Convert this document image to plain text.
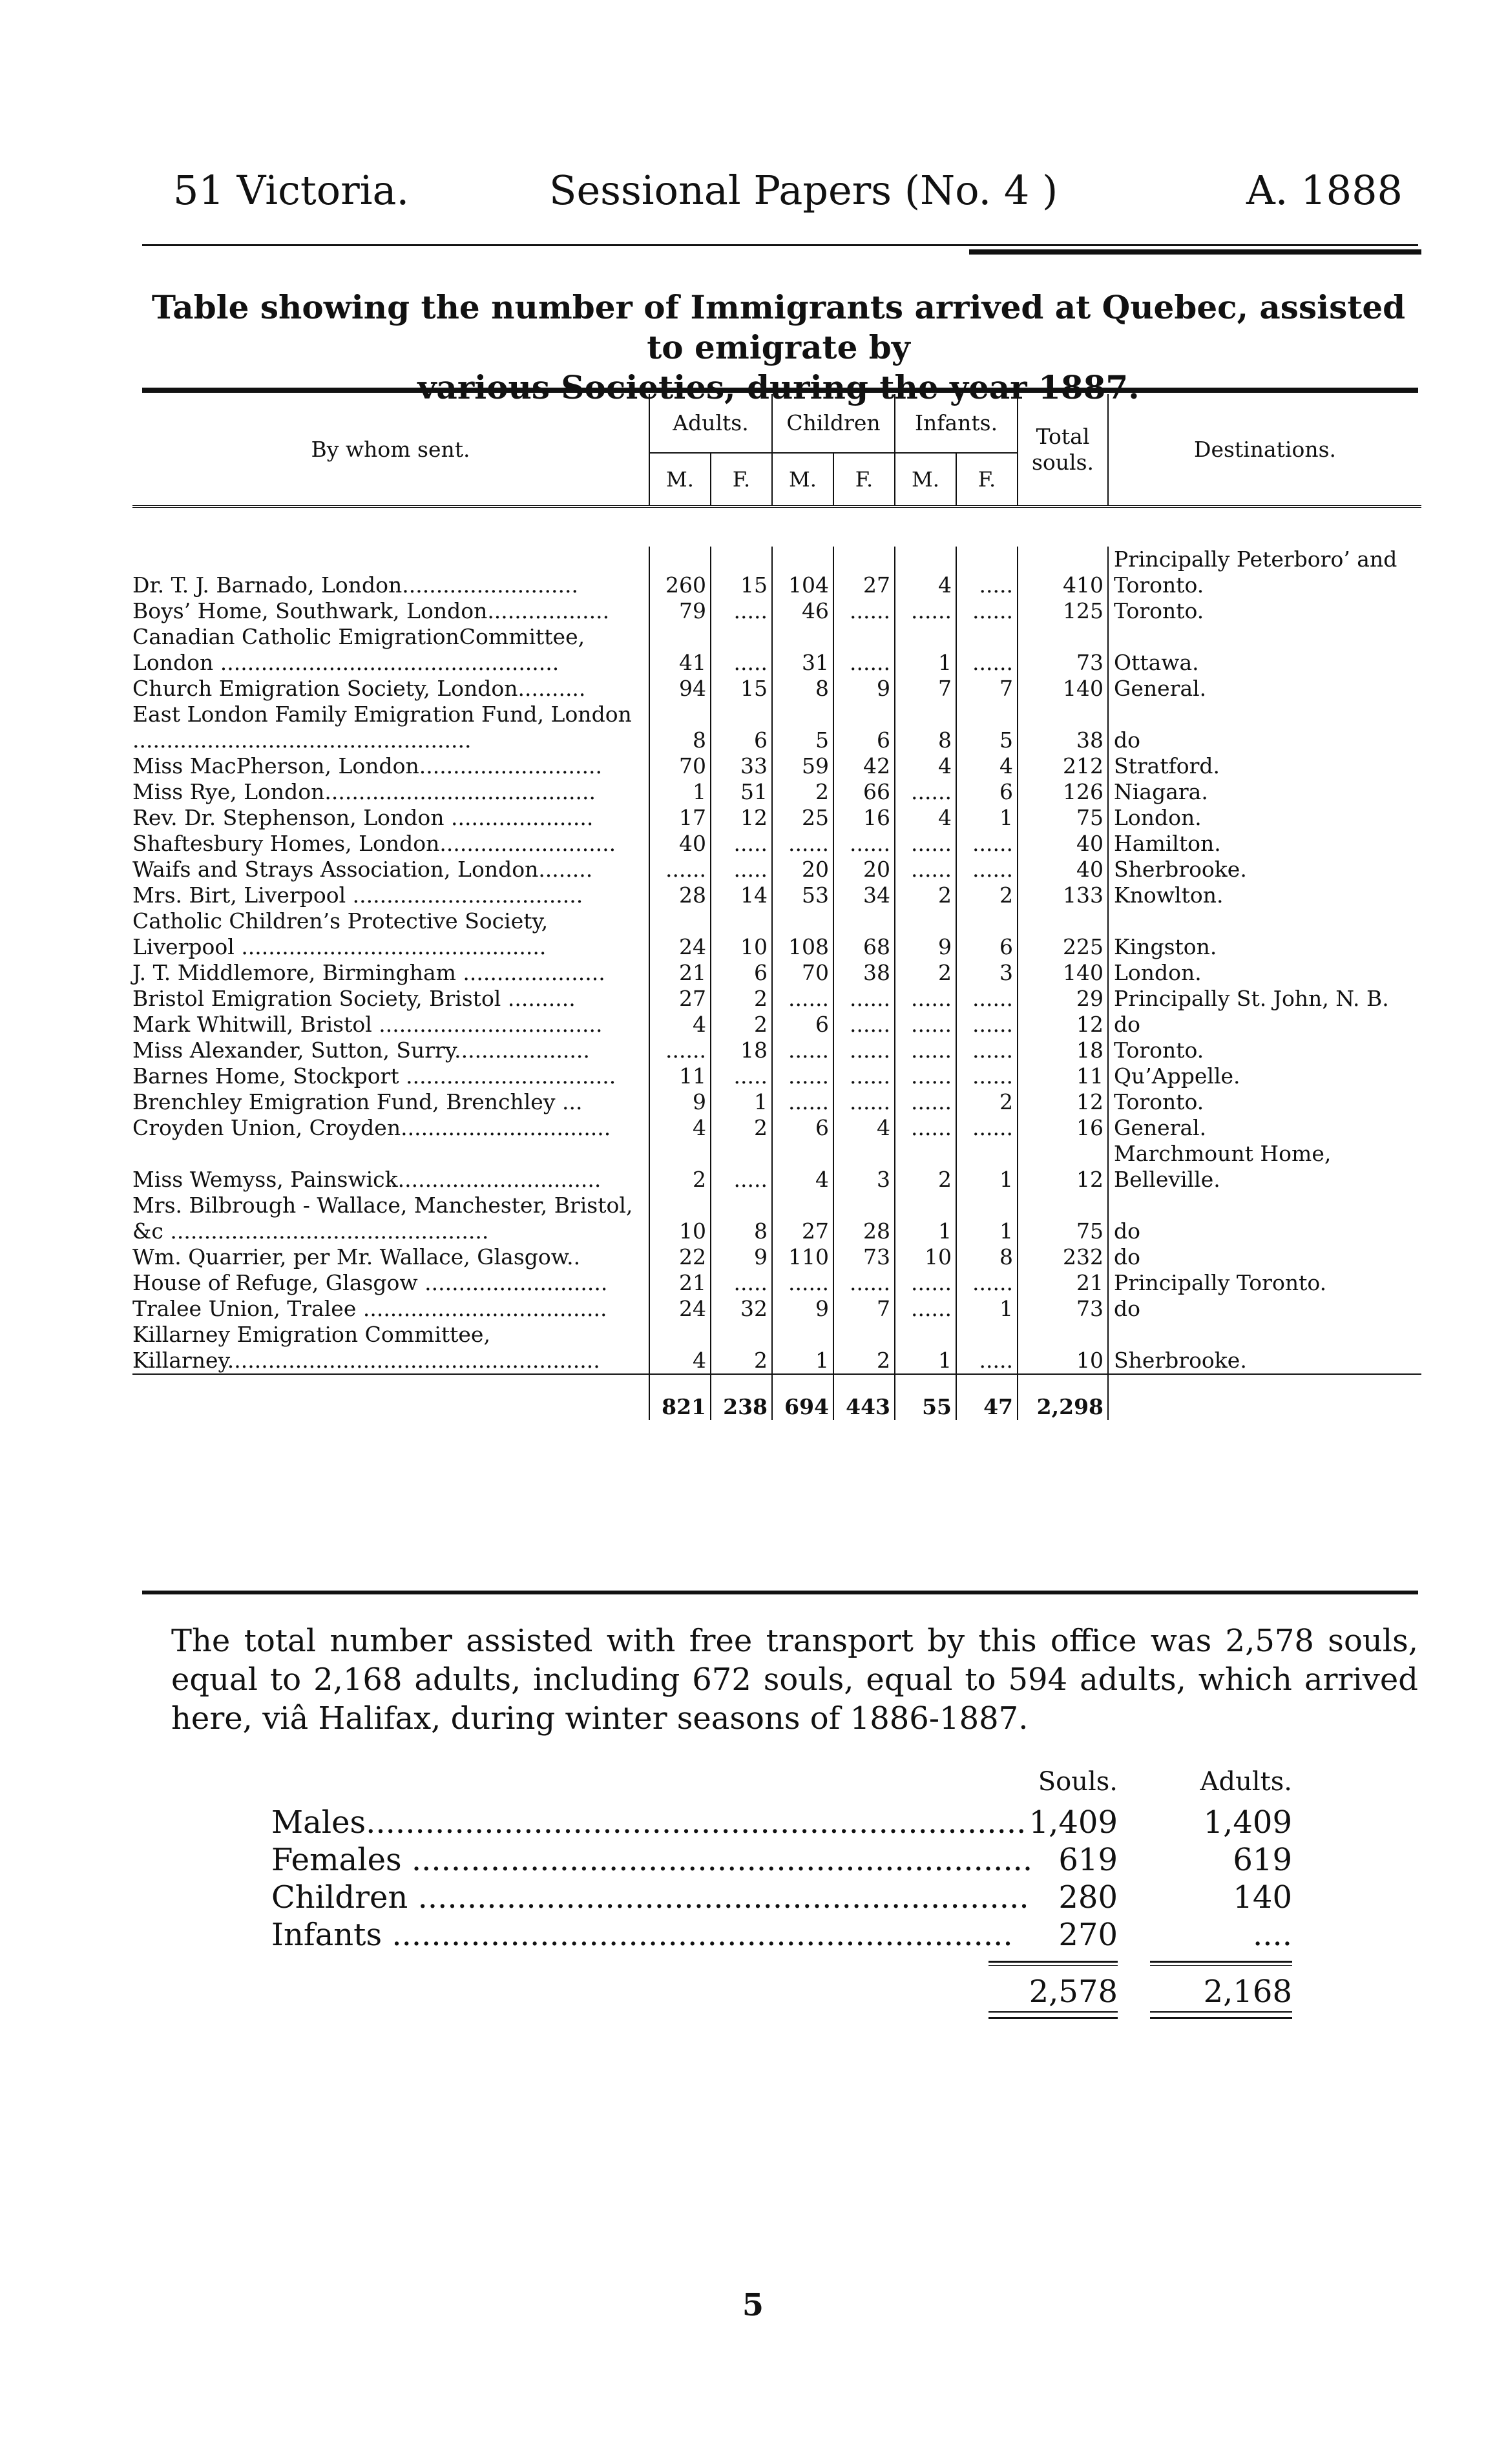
51 Victoria.	Sessional Papers (No. 4 )	A. 1888
Table showing the number of Immigrants arrived at Quebec, assisted to emigrate by
By whom sent.	Adults.		Children		Infants.		Total souls.	Destinations.
	M.	F.	M.	F.	M.	F.		

Dr. T. J. Barnado, London..........................	260	15	104	27	4	.....	410	Principally Peterboro’ and Toronto.
Boys’ Home, Southwark, London..................	79	.....	46	......	......	......	125	Toronto.
Canadian Catholic EmigrationCommittee, London ..................................................	41	.....	31	......	1	......	73	Ottawa.
Church Emigration Society, London..........	94	15	8	9	7	7	140	General.
East London Family Emigration Fund, London ..................................................	8	6	5	6	8	5	38	do
Miss MacPherson, London...........................	70	33	59	42	4	4	212	Stratford.
Miss Rye, London........................................	1	51	2	66	......	6	126	Niagara.
Rev. Dr. Stephenson, London .....................	17	12	25	16	4	1	75	London.
Shaftesbury Homes, London..........................	40	.....	......	......	......	......	40	Hamilton.
Waifs and Strays Association, London........	......	.....	20	20	......	......	40	Sherbrooke.
Mrs. Birt, Liverpool ..................................	28	14	53	34	2	2	133	Knowlton.
Catholic Children’s Protective Society, Liverpool .............................................	24	10	108	68	9	6	225	Kingston.
J. T. Middlemore, Birmingham .....................	21	6	70	38	2	3	140	London.
Bristol Emigration Society, Bristol ..........	27	2	......	......	......	......	29	Principally St. John, N. B.
Mark Whitwill, Bristol .................................	4	2	6	......	......	......	12	do
Miss Alexander, Sutton, Surry....................	......	18	......	......	......	......	18	Toronto.
Barnes Home, Stockport ...............................	11	.....	......	......	......	......	11	Qu’Appelle.
Brenchley Emigration Fund, Brenchley ...	9	1	......	......	......	2	12	Toronto.
Croyden Union, Croyden...............................	4	2	6	4	......	......	16	General.
Miss Wemyss, Painswick..............................	2	.....	4	3	2	1	12	Marchmount Home, Belleville.
Mrs. Bilbrough - Wallace, Manchester, Bristol, &c ...............................................	10	8	27	28	1	1	75	do
Wm. Quarrier, per Mr. Wallace, Glasgow..	22	9	110	73	10	8	232	do
House of Refuge, Glasgow ...........................	21	.....	......	......	......	......	21	Principally Toronto.
Tralee Union, Tralee ....................................	24	32	9	7	......	1	73	do
Killarney Emigration Committee, Killarney.......................................................	4	2	1	2	1	.....	10	Sherbrooke.
	821	238	694	443	55	47	2,298	
The total number assisted with free transport by this office was 2,578 souls, equal to 2,168 adults, including 672 souls, equal to 594 adults, which arrived here, viâ Halifax, during winter seasons of 1886-1887.
Souls.	Adults.
Males................................................................... 1,409	1,409
Females ............................................................... 619	619
Children .............................................................. 280	140
Infants ...............................................................	270	....
2,578	2,168
5
